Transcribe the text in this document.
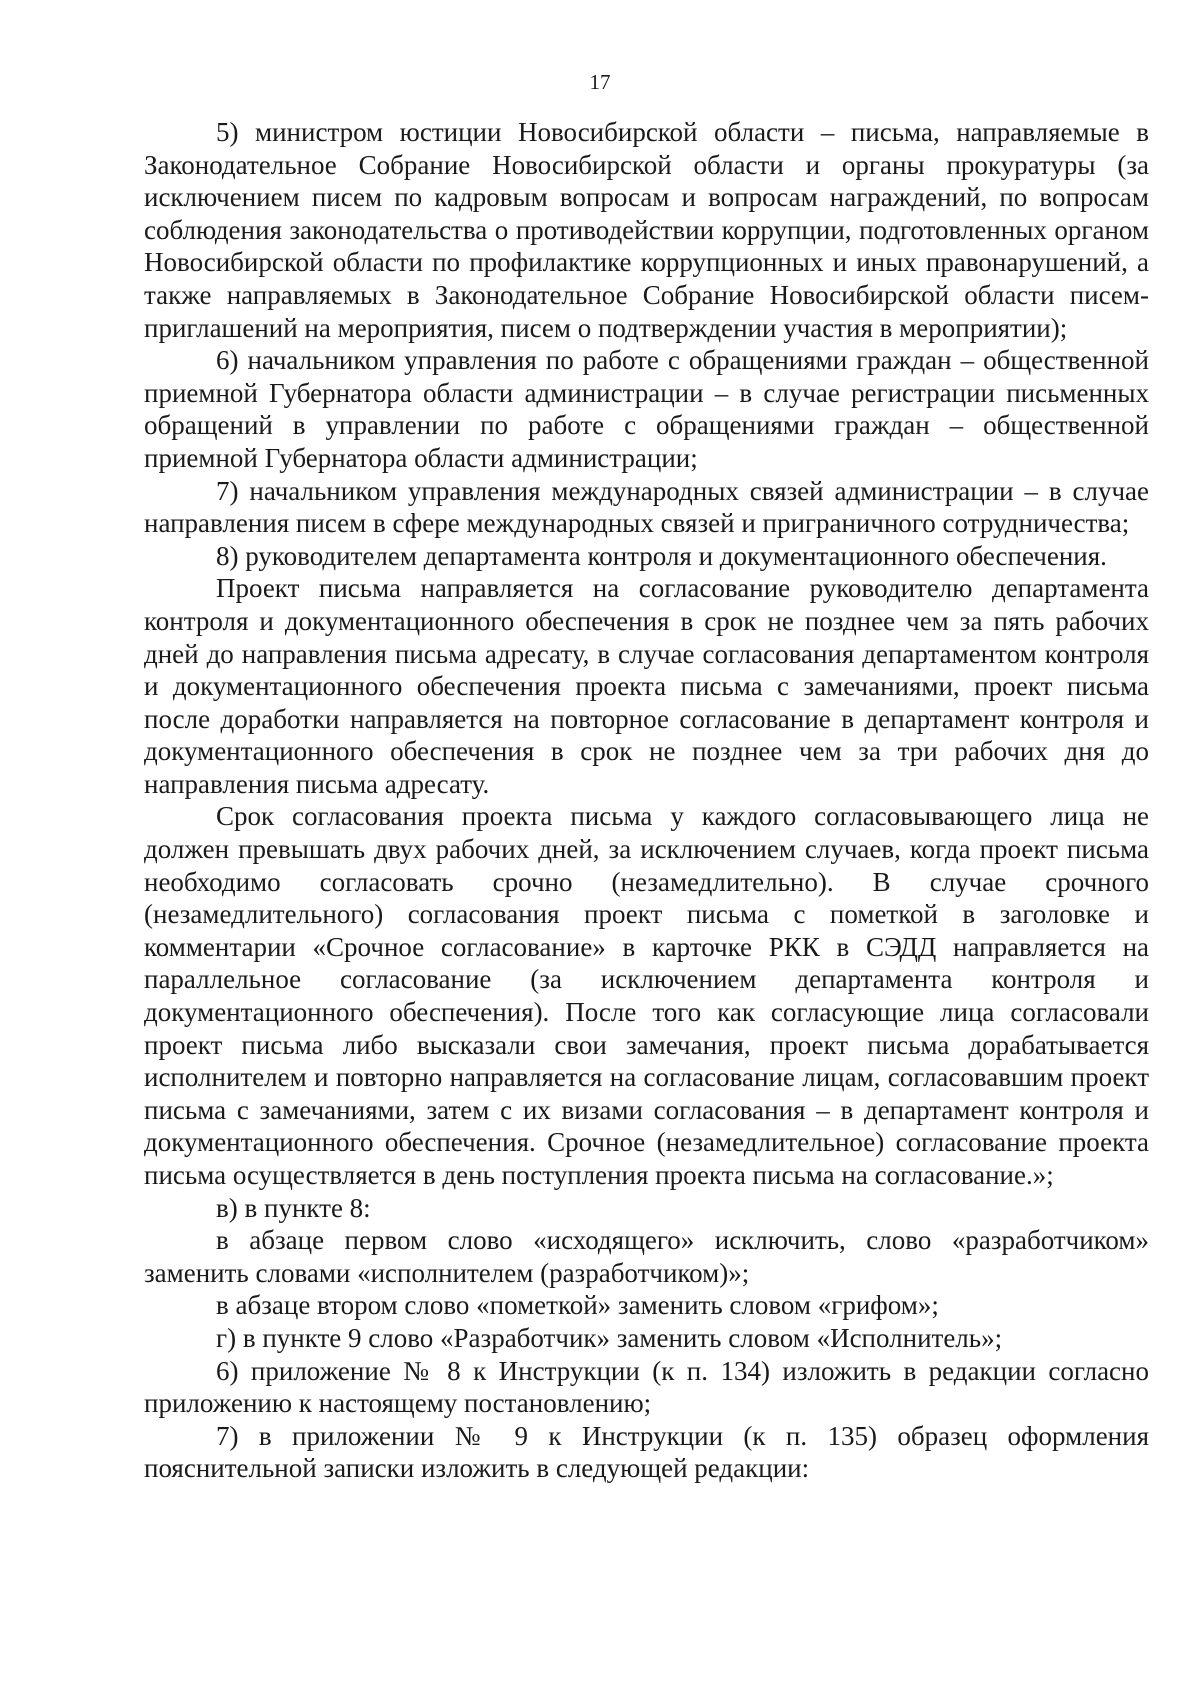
17

5) министром юстиции Новосибирской области – письма, направляемые в Законодательное Собрание Новосибирской области и органы прокуратуры (за исключением писем по кадровым вопросам и вопросам награждений, по вопросам соблюдения законодательства о противодействии коррупции, подготовленных органом Новосибирской области по профилактике коррупционных и иных правонарушений, а также направляемых в Законодательное Собрание Новосибирской области писем-приглашений на мероприятия, писем о подтверждении участия в мероприятии);

6) начальником управления по работе с обращениями граждан – общественной приемной Губернатора области администрации – в случае регистрации письменных обращений в управлении по работе с обращениями граждан – общественной приемной Губернатора области администрации;

7) начальником управления международных связей администрации – в случае направления писем в сфере международных связей и приграничного сотрудничества;

8) руководителем департамента контроля и документационного обеспечения.

Проект письма направляется на согласование руководителю департамента контроля и документационного обеспечения в срок не позднее чем за пять рабочих дней до направления письма адресату, в случае согласования департаментом контроля и документационного обеспечения проекта письма с замечаниями, проект письма после доработки направляется на повторное согласование в департамент контроля и документационного обеспечения в срок не позднее чем за три рабочих дня до направления письма адресату.

Срок согласования проекта письма у каждого согласовывающего лица не должен превышать двух рабочих дней, за исключением случаев, когда проект письма необходимо согласовать срочно (незамедлительно). В случае срочного (незамедлительного) согласования проект письма с пометкой в заголовке и комментарии «Срочное согласование» в карточке РКК в СЭДД направляется на параллельное согласование (за исключением департамента контроля и документационного обеспечения). После того как согласующие лица согласовали проект письма либо высказали свои замечания, проект письма дорабатывается исполнителем и повторно направляется на согласование лицам, согласовавшим проект письма с замечаниями, затем с их визами согласования – в департамент контроля и документационного обеспечения. Срочное (незамедлительное) согласование проекта письма осуществляется в день поступления проекта письма на согласование.»;

в) в пункте 8:

в абзаце первом слово «исходящего» исключить, слово «разработчиком» заменить словами «исполнителем (разработчиком)»;

в абзаце втором слово «пометкой» заменить словом «грифом»;

г) в пункте 9 слово «Разработчик» заменить словом «Исполнитель»;

6) приложение № 8 к Инструкции (к п. 134) изложить в редакции согласно приложению к настоящему постановлению;

7) в приложении № 9 к Инструкции (к п. 135) образец оформления пояснительной записки изложить в следующей редакции:
